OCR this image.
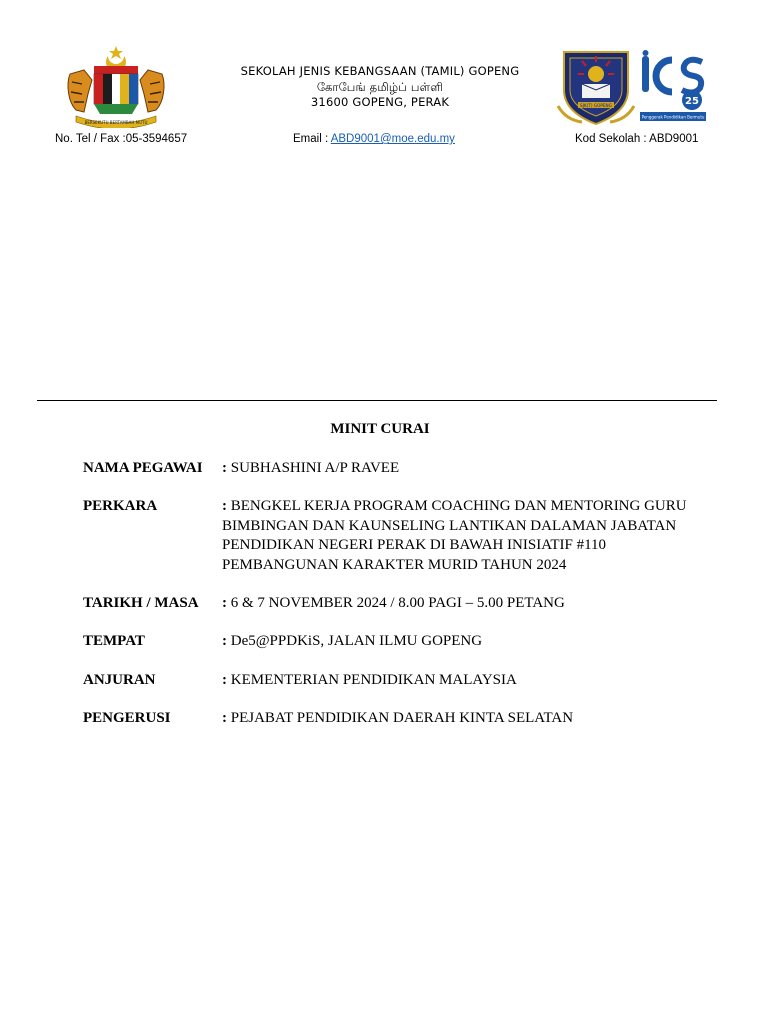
BERSEKUTU BERTAMBAH MUTU
SEKOLAH JENIS KEBANGSAAN (TAMIL) GOPENG
கோபேங் தமிழ்ப் பள்ளி
31600 GOPENG, PERAK	SJK(T) GOPENG	25
Penggerak Pendidikan Bermutu
No. Tel / Fax :05-3594657	Email : ABD9001@moe.edu.my	Kod Sekolah : ABD9001
MINIT CURAI
NAMA PEGAWAI : SUBHASHINI A/P RAVEE
PERKARA	: BENGKEL KERJA PROGRAM COACHING DAN MENTORING GURU BIMBINGAN DAN KAUNSELING LANTIKAN DALAMAN JABATAN PENDIDIKAN NEGERI PERAK DI BAWAH INISIATIF #110 PEMBANGUNAN KARAKTER MURID TAHUN 2024
TARIKH / MASA : 6 & 7 NOVEMBER 2024 / 8.00 PAGI – 5.00 PETANG
TEMPAT	: De5@PPDKiS, JALAN ILMU GOPENG
ANJURAN	: KEMENTERIAN PENDIDIKAN MALAYSIA
PENGERUSI	: PEJABAT PENDIDIKAN DAERAH KINTA SELATAN
